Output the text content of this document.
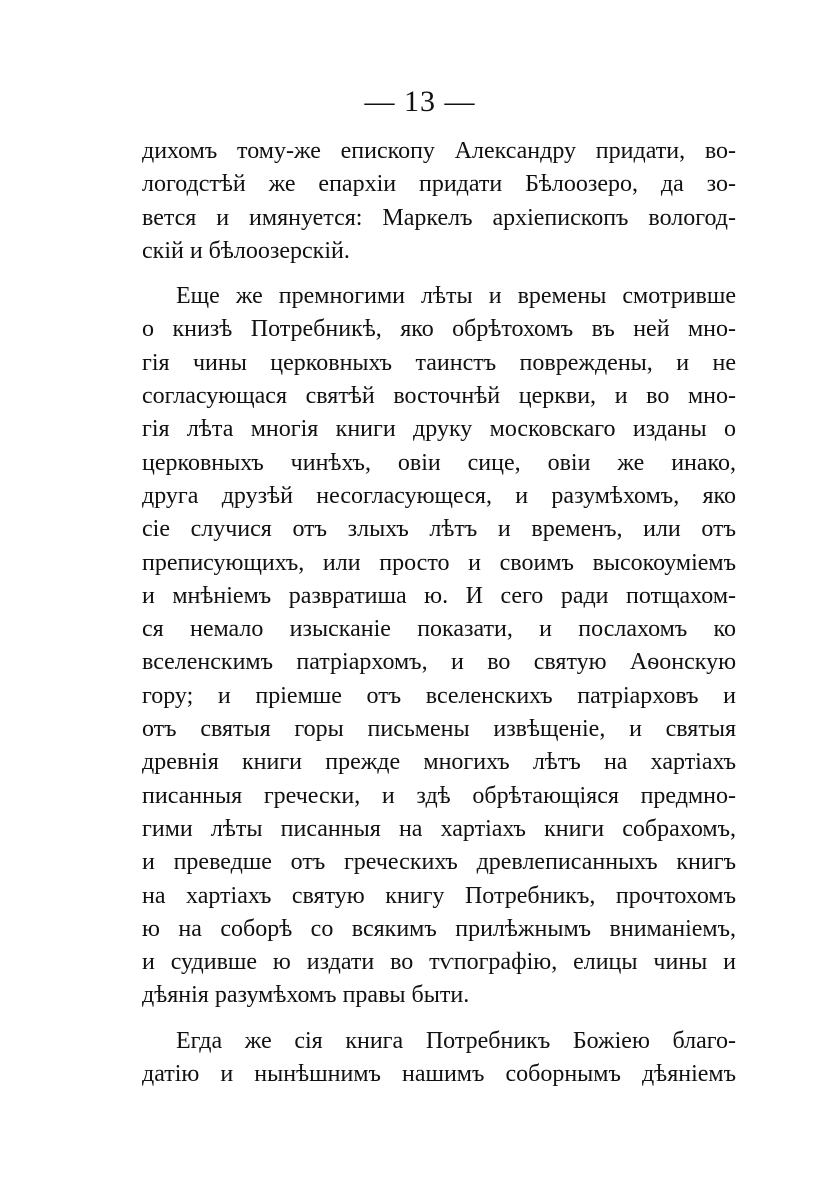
— 13 —
дихомъ тому-же епископу Александру придати, во-
логодстѣй же епархіи придати Бѣлоозеро, да зо-
вется и имянуется: Маркелъ архіепископъ вологод-
скій и бѣлоозерскій.
Еще же премногими лѣты и времены смотривше
о книзѣ Потребникѣ, яко обрѣтохомъ въ ней мно-
гія чины церковныхъ таинстъ повреждены, и не
согласующася святѣй восточнѣй церкви, и во мно-
гія лѣта многія книги друку московскаго изданы о
церковныхъ чинѣхъ, овіи сице, овіи же инако,
друга друзѣй несогласующеся, и разумѣхомъ, яко
сіе случися отъ злыхъ лѣтъ и временъ, или отъ
преписующихъ, или просто и своимъ высокоуміемъ
и мнѣніемъ развратиша ю. И сего ради потщахом-
ся немало изысканіе показати, и послахомъ ко
вселенскимъ патріархомъ, и во святую Аѳонскую
гору; и пріемше отъ вселенскихъ патріарховъ и
отъ святыя горы письмены извѣщеніе, и святыя
древнія книги прежде многихъ лѣтъ на хартіахъ
писанныя гречески, и здѣ обрѣтающіяся предмно-
гими лѣты писанныя на хартіахъ книги собрахомъ,
и преведше отъ греческихъ древлеписанныхъ книгъ
на хартіахъ святую книгу Потребникъ, прочтохомъ
ю на соборѣ со всякимъ прилѣжнымъ вниманіемъ,
и судивше ю издати во тѵпографію, елицы чины и
дѣянія разумѣхомъ правы быти.
Егда же сія книга Потребникъ Божіею благо-
датію и нынѣшнимъ нашимъ соборнымъ дѣяніемъ
